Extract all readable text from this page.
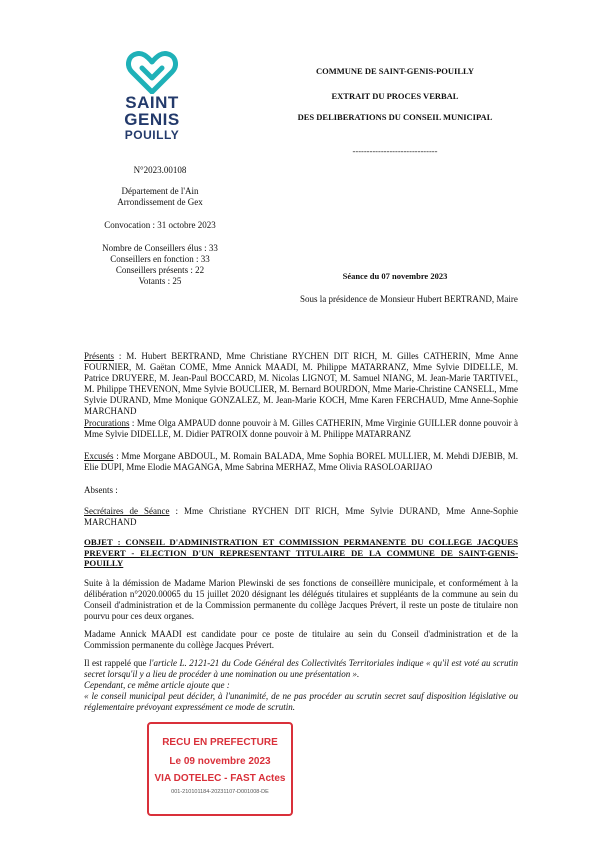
SAINT
GENIS
POUILLY
N°2023.00108
Département de l'Ain
Arrondissement de Gex
Convocation : 31 octobre 2023
Nombre de Conseillers élus : 33
Conseillers en fonction : 33
Conseillers présents : 22
Votants : 25
COMMUNE DE SAINT-GENIS-POUILLY
EXTRAIT DU PROCES VERBAL
DES DELIBERATIONS DU CONSEIL MUNICIPAL
------------------------------
Séance du 07 novembre 2023
Sous la présidence de Monsieur Hubert BERTRAND, Maire
Présents : M. Hubert BERTRAND, Mme Christiane RYCHEN DIT RICH, M. Gilles CATHERIN, Mme Anne FOURNIER, M. Gaëtan COME, Mme Annick MAADI, M. Philippe MATARRANZ, Mme Sylvie DIDELLE, M. Patrice DRUYERE, M. Jean-Paul BOCCARD, M. Nicolas LIGNOT, M. Samuel NIANG, M. Jean-Marie TARTIVEL, M. Philippe THEVENON, Mme Sylvie BOUCLIER, M. Bernard BOURDON, Mme Marie-Christine CANSELL, Mme Sylvie DURAND, Mme Monique GONZALEZ, M. Jean-Marie KOCH, Mme Karen FERCHAUD, Mme Anne-Sophie MARCHAND
Procurations : Mme Olga AMPAUD donne pouvoir à M. Gilles CATHERIN, Mme Virginie GUILLER donne pouvoir à Mme Sylvie DIDELLE, M. Didier PATROIX donne pouvoir à M. Philippe MATARRANZ
Excusés : Mme Morgane ABDOUL, M. Romain BALADA, Mme Sophia BOREL MULLIER, M. Mehdi DJEBIB, M. Elie DUPI, Mme Elodie MAGANGA, Mme Sabrina MERHAZ, Mme Olivia RASOLOARIJAO
Absents :
Secrétaires de Séance : Mme Christiane RYCHEN DIT RICH, Mme Sylvie DURAND, Mme Anne-Sophie MARCHAND
OBJET : CONSEIL D'ADMINISTRATION ET COMMISSION PERMANENTE DU COLLEGE JACQUES PREVERT - ELECTION D'UN REPRESENTANT TITULAIRE DE LA COMMUNE DE SAINT-GENIS-POUILLY
Suite à la démission de Madame Marion Plewinski de ses fonctions de conseillère municipale, et conformément à la délibération n°2020.00065 du 15 juillet 2020 désignant les délégués titulaires et suppléants de la commune au sein du Conseil d'administration et de la Commission permanente du collège Jacques Prévert, il reste un poste de titulaire non pourvu pour ces deux organes.
Madame Annick MAADI est candidate pour ce poste de titulaire au sein du Conseil d'administration et de la Commission permanente du collège Jacques Prévert.
Il est rappelé que l'article L. 2121-21 du Code Général des Collectivités Territoriales indique « qu'il est voté au scrutin secret lorsqu'il y a lieu de procéder à une nomination ou une présentation ».
Cependant, ce même article ajoute que :
« le conseil municipal peut décider, à l'unanimité, de ne pas procéder au scrutin secret sauf disposition législative ou réglementaire prévoyant expressément ce mode de scrutin.
RECU EN PREFECTURE
Le 09 novembre 2023
VIA DOTELEC - FAST Actes
001-210101184-20231107-D001008-DE
